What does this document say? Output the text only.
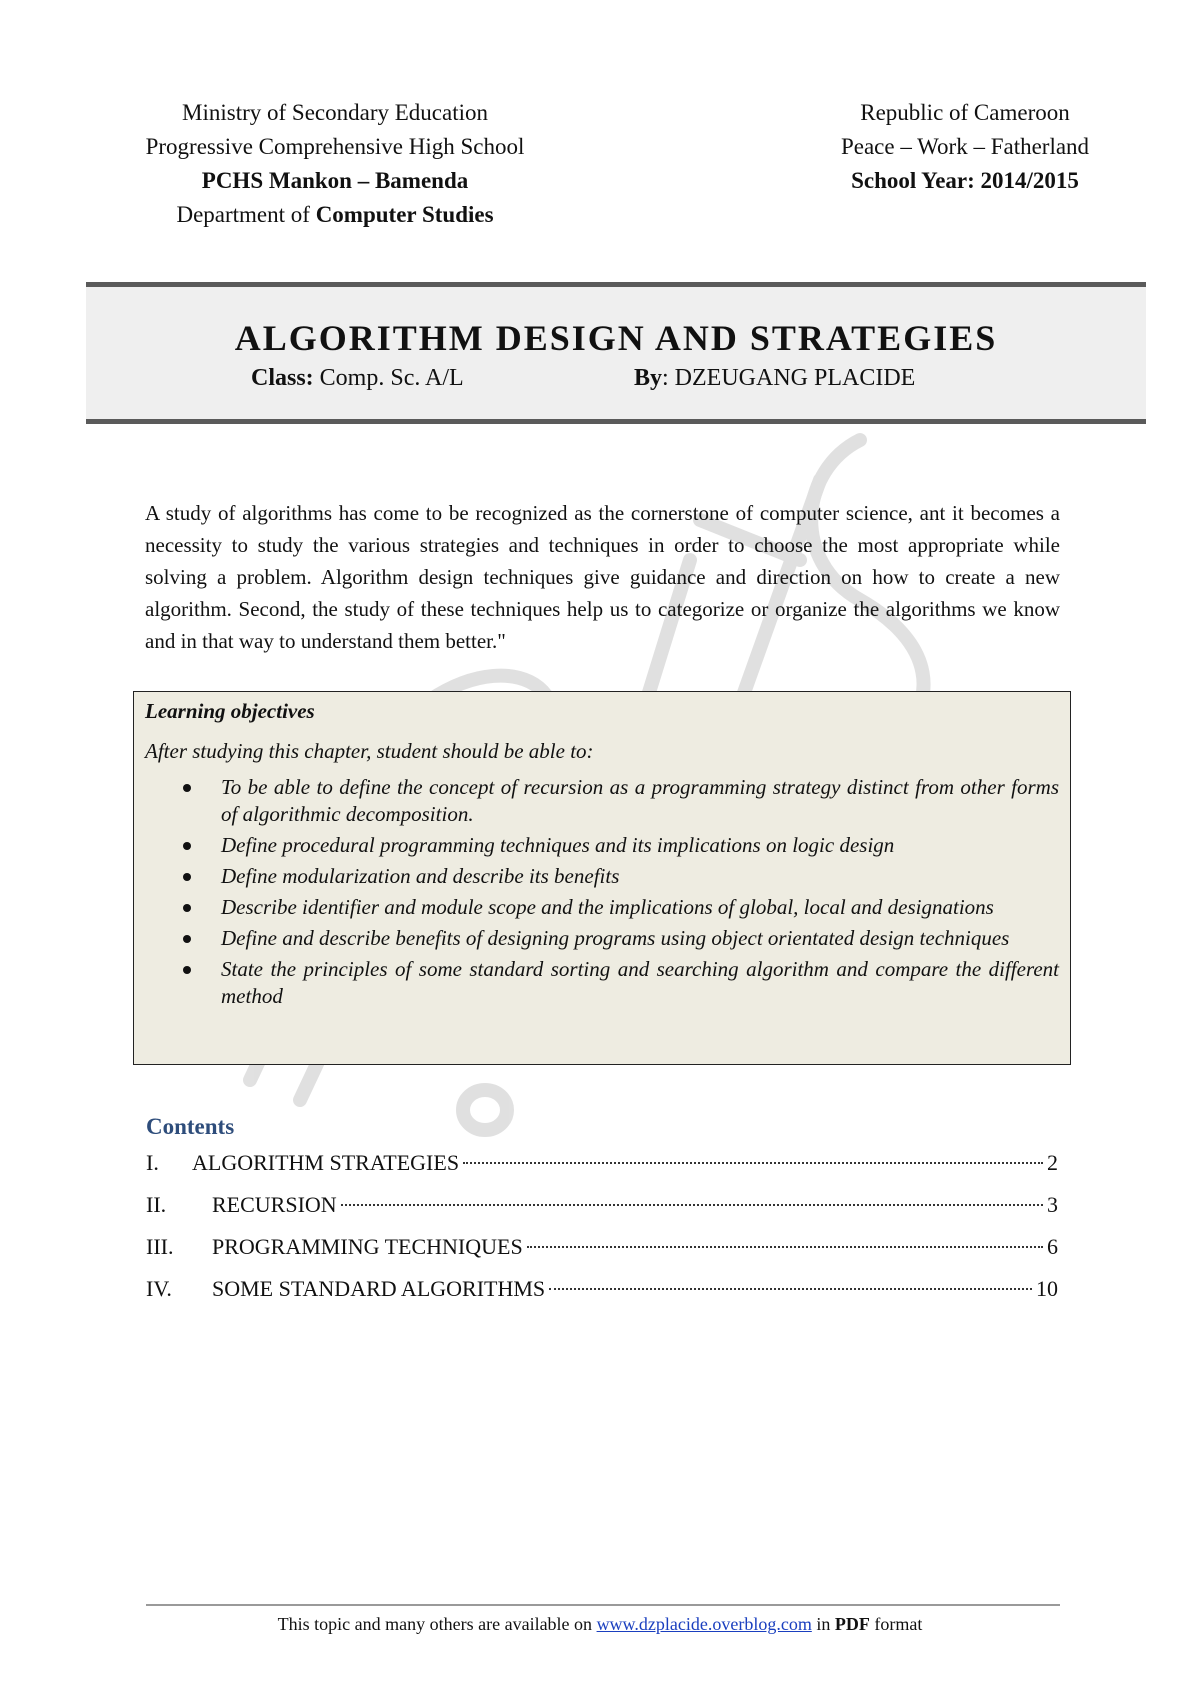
Ministry of Secondary Education
Progressive Comprehensive High School
PCHS Mankon – Bamenda
Department of Computer Studies
Republic of Cameroon
Peace – Work – Fatherland
School Year: 2014/2015
ALGORITHM DESIGN AND STRATEGIES
Class: Comp. Sc. A/L	By: DZEUGANG PLACIDE

A study of algorithms has come to be recognized as the cornerstone of computer science, ant it becomes a necessity to study the various strategies and techniques in order to choose the most appropriate while solving a problem. Algorithm design techniques give guidance and direction on how to create a new algorithm. Second, the study of these techniques help us to categorize or organize the algorithms we know and in that way to understand them better."

Learning objectives
After studying this chapter, student should be able to:
To be able to define the concept of recursion as a programming strategy distinct from other forms of algorithmic decomposition.
Define procedural programming techniques and its implications on logic design
Define modularization and describe its benefits
Describe identifier and module scope and the implications of global, local and designations
Define and describe benefits of designing programs using object orientated design techniques
State the principles of some standard sorting and searching algorithm and compare the different method
Contents
I.	ALGORITHM STRATEGIES	2
II.	RECURSION	3
III.	PROGRAMMING TECHNIQUES	6
IV.	SOME STANDARD ALGORITHMS	10
This topic and many others are available on www.dzplacide.overblog.com in PDF format
